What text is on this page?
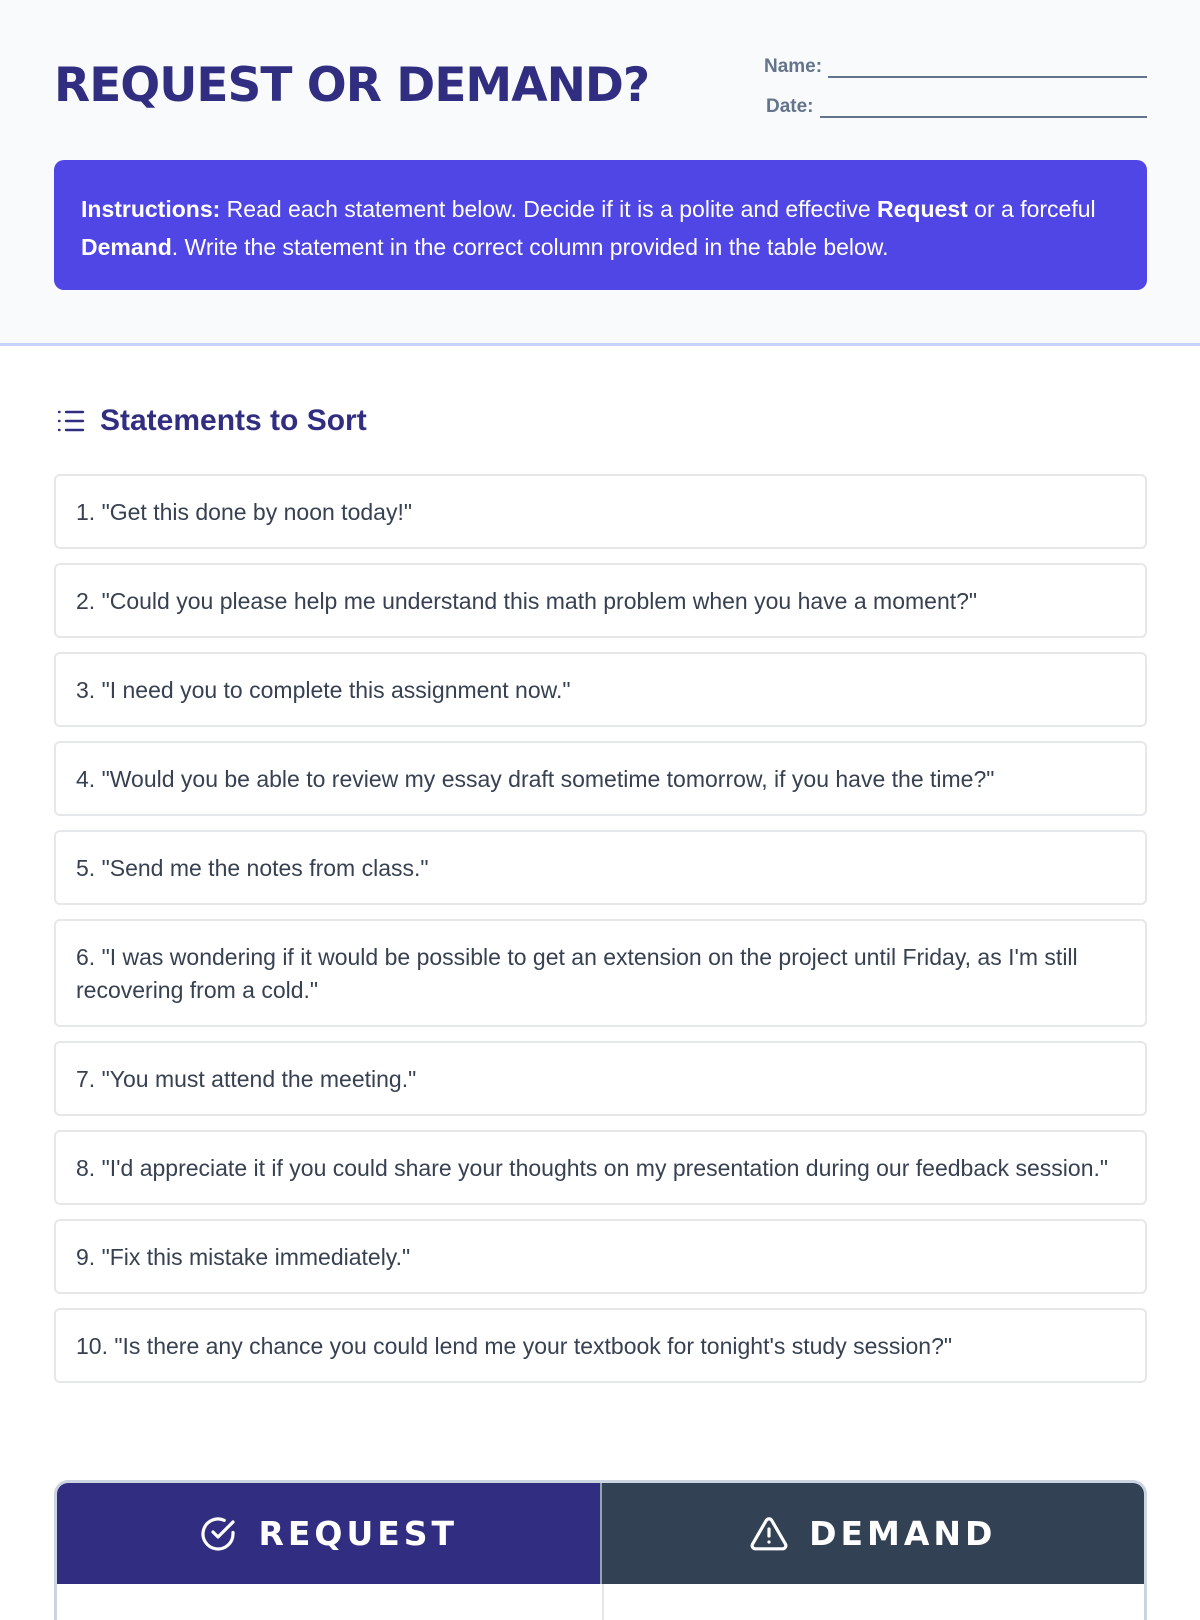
REQUEST OR DEMAND?	Name:
Date:
Instructions: Read each statement below. Decide if it is a polite and effective Request or a forceful Demand. Write the statement in the correct column provided in the table below.
Statements to Sort
1. "Get this done by noon today!"
2. "Could you please help me understand this math problem when you have a moment?"
3. "I need you to complete this assignment now."
4. "Would you be able to review my essay draft sometime tomorrow, if you have the time?"
5. "Send me the notes from class."
6. "I was wondering if it would be possible to get an extension on the project until Friday, as I'm still recovering from a cold."
7. "You must attend the meeting."
8. "I'd appreciate it if you could share your thoughts on my presentation during our feedback session."
9. "Fix this mistake immediately."
10. "Is there any chance you could lend me your textbook for tonight's study session?"
REQUEST	DEMAND
